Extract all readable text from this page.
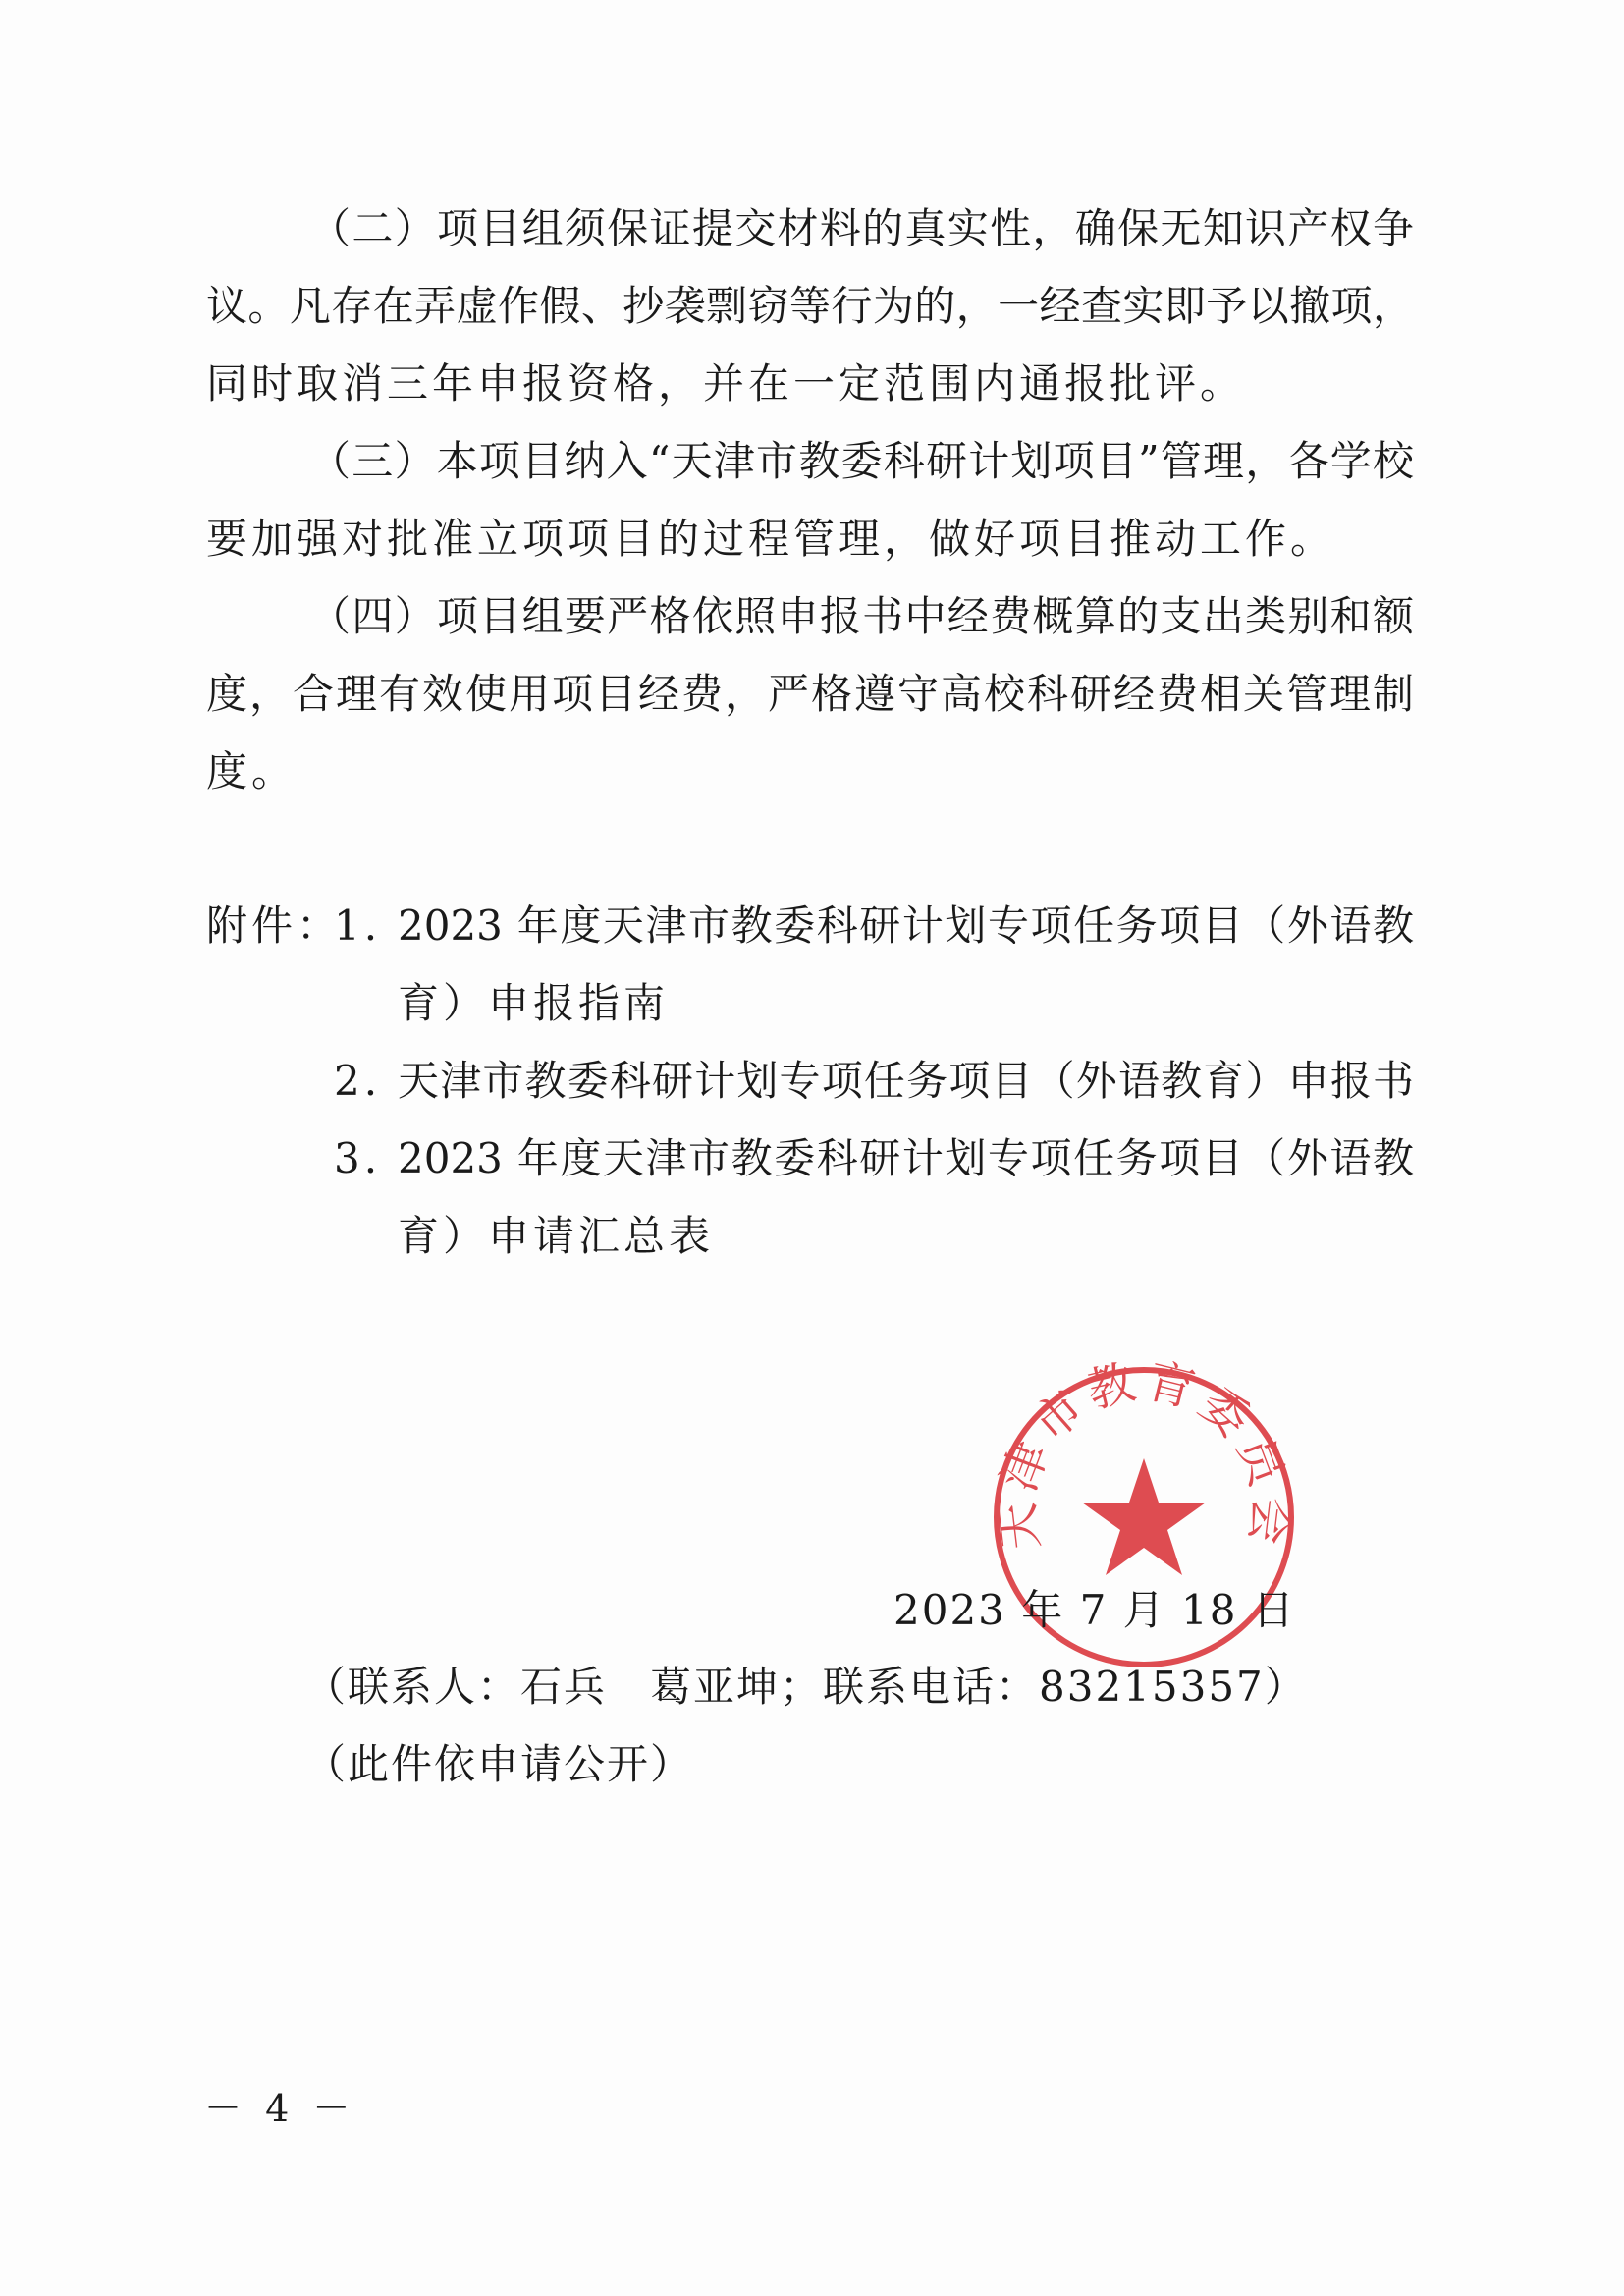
（二）项目组须保证提交材料的真实性，确保无知识产权争
议。凡存在弄虚作假、抄袭剽窃等行为的，一经查实即予以撤项，
同时取消三年申报资格，并在一定范围内通报批评。
（三）本项目纳入“天津市教委科研计划项目”管理，各学校
要加强对批准立项项目的过程管理，做好项目推动工作。
（四）项目组要严格依照申报书中经费概算的支出类别和额
度，合理有效使用项目经费，严格遵守高校科研经费相关管理制
度。
附件：
1. 2023 年度天津市教委科研计划专项任务项目（外语教
育）申报指南
2. 天津市教委科研计划专项任务项目（外语教育）申报书
3. 2023 年度天津市教委科研计划专项任务项目（外语教
育）申请汇总表
天津市教育委员会
2023 年 7 月 18 日
（联系人：石兵　葛亚坤；联系电话：83215357）
（此件依申请公开）
－ 4 －
